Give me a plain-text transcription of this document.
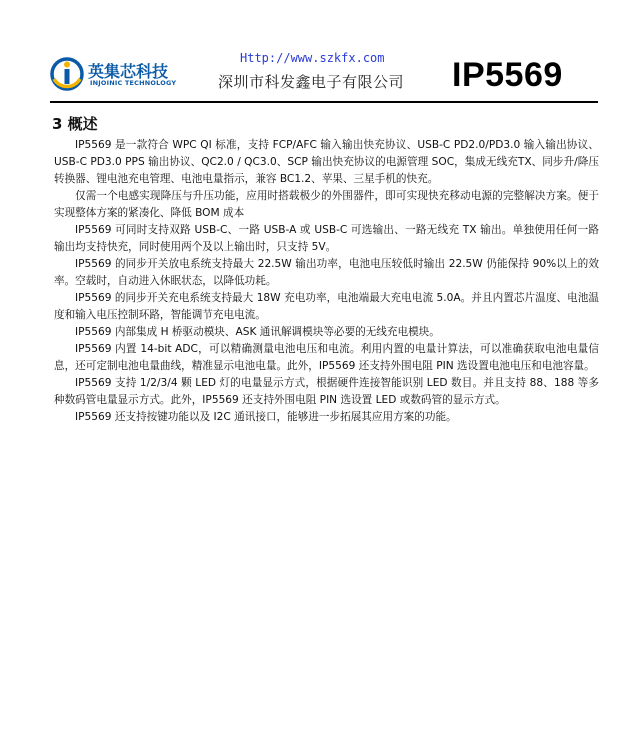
英集芯科技
INJOINIC TECHNOLOGY
Http://www.szkfx.com
深圳市科发鑫电子有限公司 IP5569
3 概述

IP5569 是一款符合 WPC QI 标准，支持 FCP/AFC 输入输出快充协议、USB-C PD2.0/PD3.0 输入输出协议、USB-C PD3.0 PPS 输出协议、QC2.0 / QC3.0、SCP 输出快充协议的电源管理 SOC，集成无线充TX、同步升/降压转换器、锂电池充电管理、电池电量指示，兼容 BC1.2、苹果、三星手机的快充。

仅需一个电感实现降压与升压功能，应用时搭载极少的外围器件，即可实现快充移动电源的完整解决方案。便于实现整体方案的紧凑化、降低 BOM 成本

IP5569 可同时支持双路 USB-C、一路 USB-A 或 USB-C 可选输出、一路无线充 TX 输出。单独使用任何一路输出均支持快充，同时使用两个及以上输出时，只支持 5V。

IP5569 的同步开关放电系统支持最大 22.5W 输出功率，电池电压较低时输出 22.5W 仍能保持 90%以上的效率。空载时，自动进入休眠状态，以降低功耗。

IP5569 的同步开关充电系统支持最大 18W 充电功率，电池端最大充电电流 5.0A。并且内置芯片温度、电池温度和输入电压控制环路，智能调节充电电流。

IP5569 内部集成 H 桥驱动模块、ASK 通讯解调模块等必要的无线充电模块。

IP5569 内置 14-bit ADC，可以精确测量电池电压和电流。利用内置的电量计算法，可以准确获取电池电量信息，还可定制电池电量曲线，精准显示电池电量。此外，IP5569 还支持外围电阻 PIN 选设置电池电压和电池容量。

IP5569 支持 1/2/3/4 颗 LED 灯的电量显示方式，根据硬件连接智能识别 LED 数目。并且支持 88、188 等多种数码管电量显示方式。此外，IP5569 还支持外围电阻 PIN 选设置 LED 或数码管的显示方式。

IP5569 还支持按键功能以及 I2C 通讯接口，能够进一步拓展其应用方案的功能。
